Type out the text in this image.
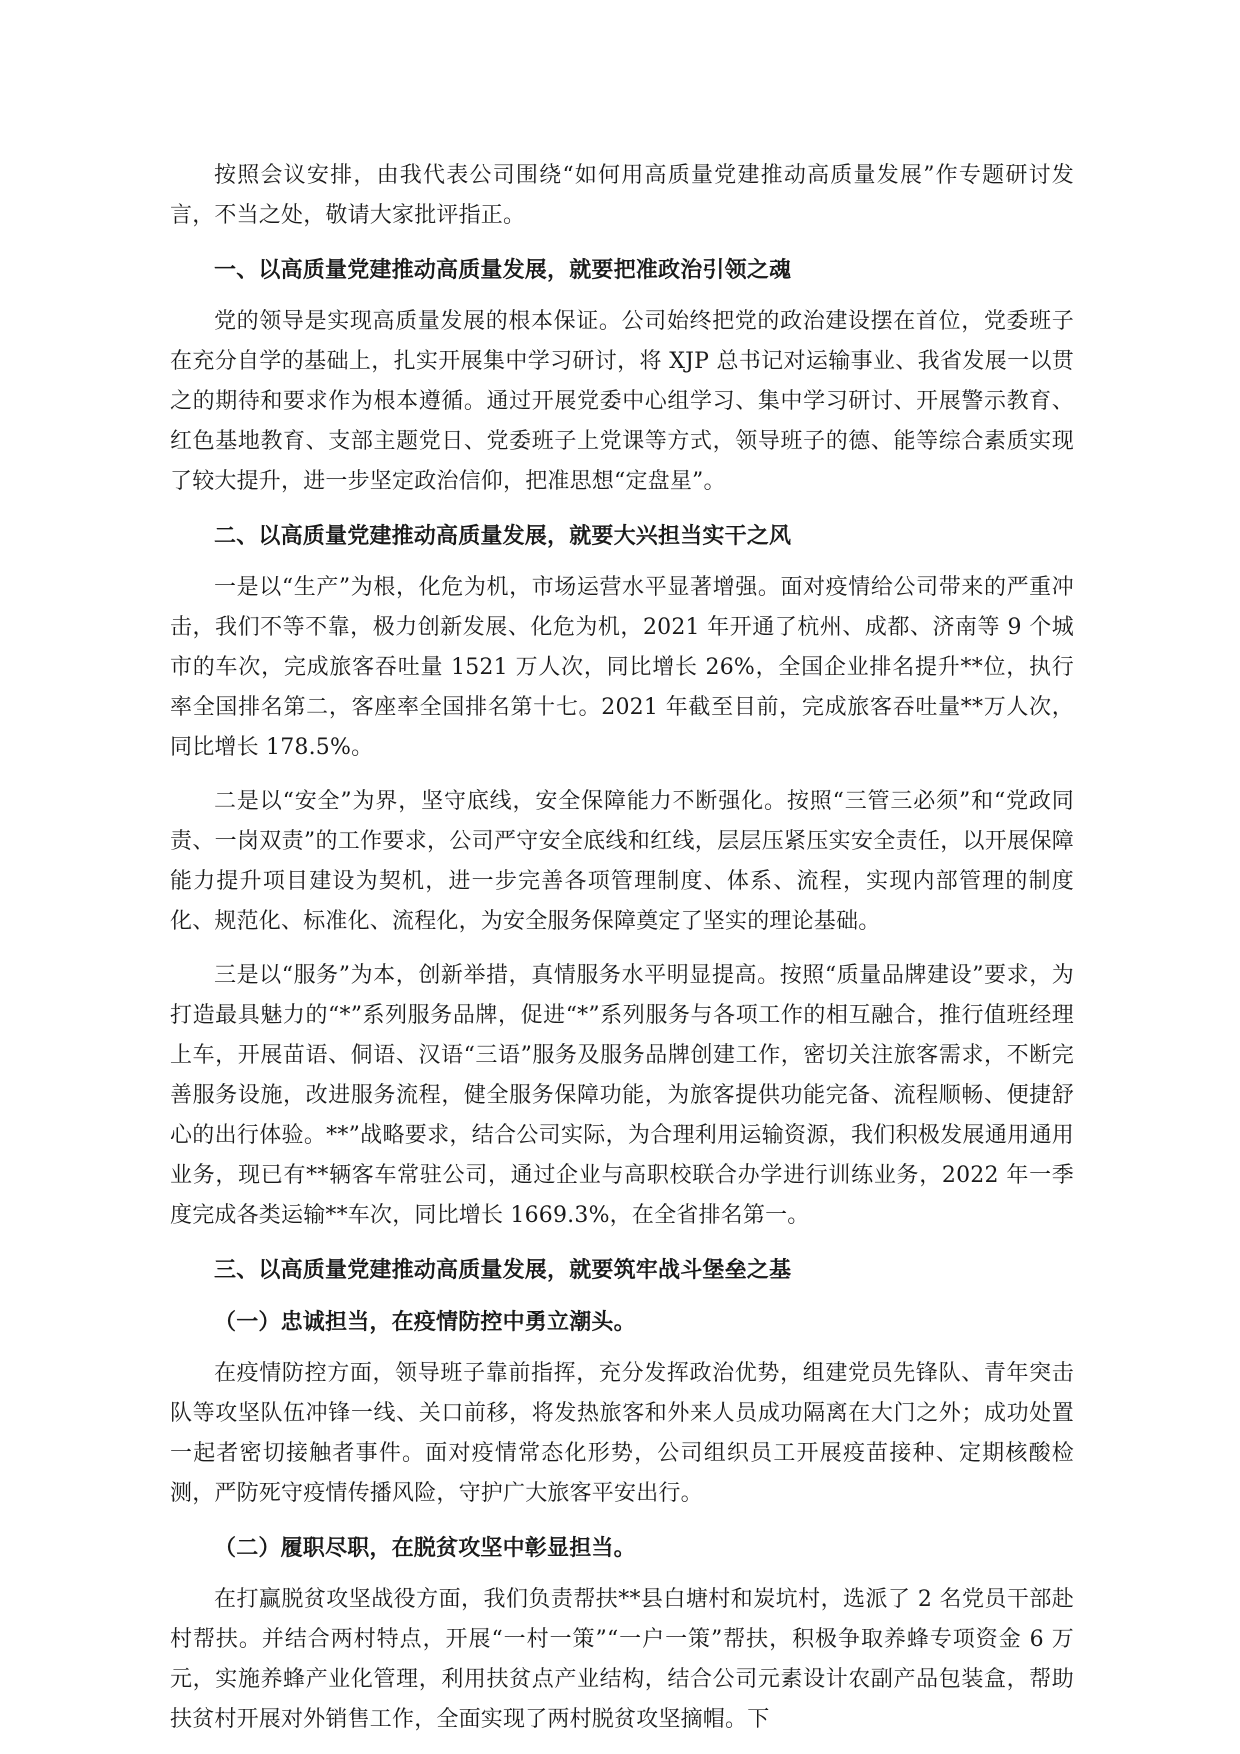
按照会议安排，由我代表公司围绕“如何用高质量党建推动高质量发展”作专题研讨发言，不当之处，敬请大家批评指正。

一、以高质量党建推动高质量发展，就要把准政治引领之魂

党的领导是实现高质量发展的根本保证。公司始终把党的政治建设摆在首位，党委班子在充分自学的基础上，扎实开展集中学习研讨，将 XJP 总书记对运输事业、我省发展一以贯之的期待和要求作为根本遵循。通过开展党委中心组学习、集中学习研讨、开展警示教育、红色基地教育、支部主题党日、党委班子上党课等方式，领导班子的德、能等综合素质实现了较大提升，进一步坚定政治信仰，把准思想“定盘星”。

二、以高质量党建推动高质量发展，就要大兴担当实干之风

一是以“生产”为根，化危为机，市场运营水平显著增强。面对疫情给公司带来的严重冲击，我们不等不靠，极力创新发展、化危为机，2021 年开通了杭州、成都、济南等 9 个城市的车次，完成旅客吞吐量 1521 万人次，同比增长 26%，全国企业排名提升**位，执行率全国排名第二，客座率全国排名第十七。2021 年截至目前，完成旅客吞吐量**万人次，同比增长 178.5%。

二是以“安全”为界，坚守底线，安全保障能力不断强化。按照“三管三必须”和“党政同责、一岗双责”的工作要求，公司严守安全底线和红线，层层压紧压实安全责任，以开展保障能力提升项目建设为契机，进一步完善各项管理制度、体系、流程，实现内部管理的制度化、规范化、标准化、流程化，为安全服务保障奠定了坚实的理论基础。

三是以“服务”为本，创新举措，真情服务水平明显提高。按照“质量品牌建设”要求，为打造最具魅力的“*”系列服务品牌，促进“*”系列服务与各项工作的相互融合，推行值班经理上车，开展苗语、侗语、汉语“三语”服务及服务品牌创建工作，密切关注旅客需求，不断完善服务设施，改进服务流程，健全服务保障功能，为旅客提供功能完备、流程顺畅、便捷舒心的出行体验。**”战略要求，结合公司实际，为合理利用运输资源，我们积极发展通用通用业务，现已有**辆客车常驻公司，通过企业与高职校联合办学进行训练业务，2022 年一季度完成各类运输**车次，同比增长 1669.3%，在全省排名第一。

三、以高质量党建推动高质量发展，就要筑牢战斗堡垒之基
（一）忠诚担当，在疫情防控中勇立潮头。

在疫情防控方面，领导班子靠前指挥，充分发挥政治优势，组建党员先锋队、青年突击队等攻坚队伍冲锋一线、关口前移，将发热旅客和外来人员成功隔离在大门之外；成功处置一起者密切接触者事件。面对疫情常态化形势，公司组织员工开展疫苗接种、定期核酸检测，严防死守疫情传播风险，守护广大旅客平安出行。

（二）履职尽职，在脱贫攻坚中彰显担当。

在打赢脱贫攻坚战役方面，我们负责帮扶**县白塘村和炭坑村，选派了 2 名党员干部赴村帮扶。并结合两村特点，开展“一村一策”“一户一策”帮扶，积极争取养蜂专项资金 6 万元，实施养蜂产业化管理，利用扶贫点产业结构，结合公司元素设计农副产品包装盒，帮助扶贫村开展对外销售工作，全面实现了两村脱贫攻坚摘帽。下
